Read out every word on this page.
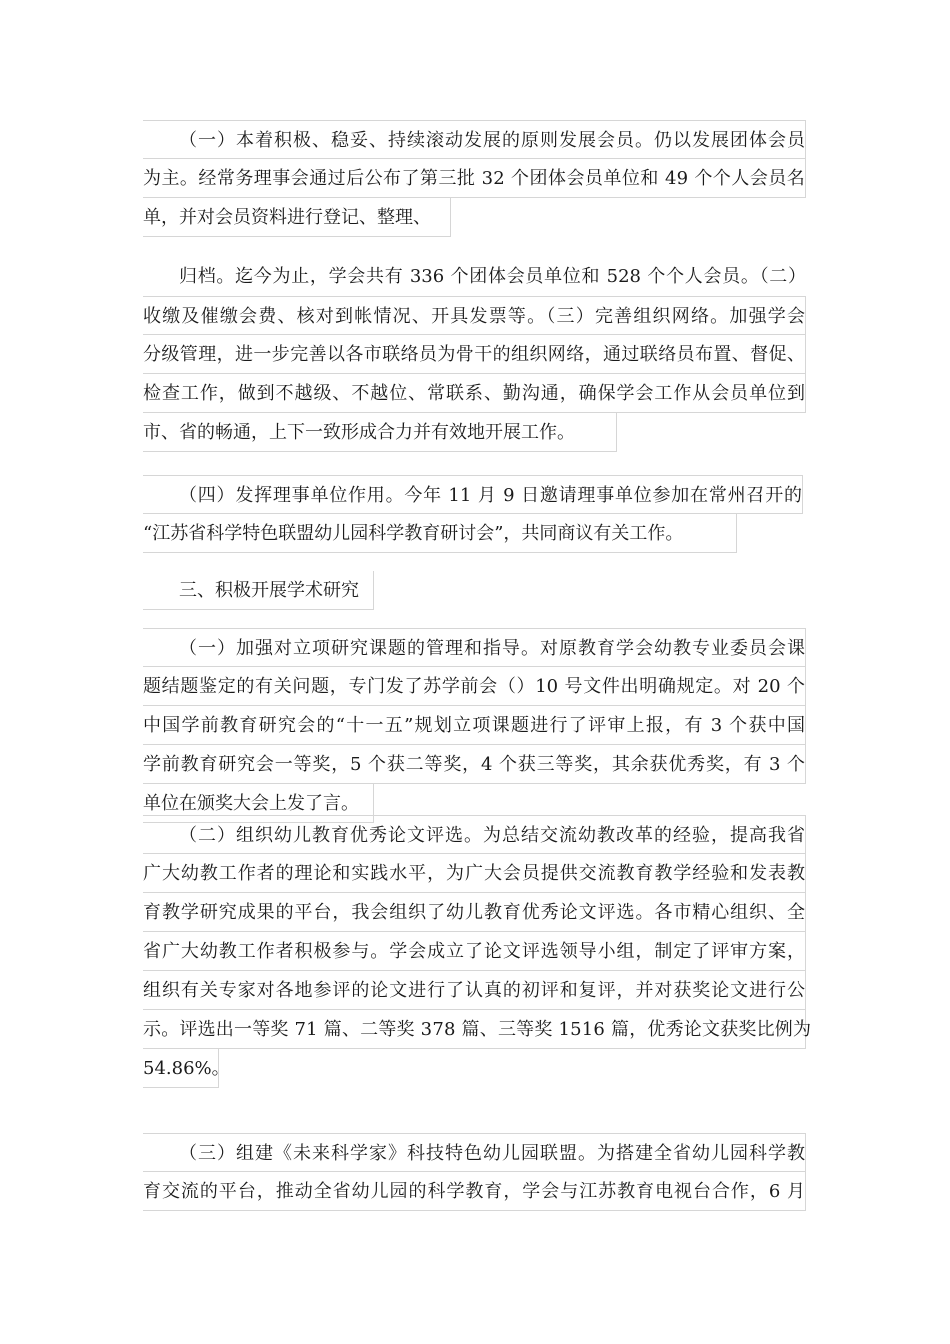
（一）本着积极、稳妥、持续滚动发展的原则发展会员。仍以发展团体会员
为主。经常务理事会通过后公布了第三批 32 个团体会员单位和 49 个个人会员名
单，并对会员资料进行登记、整理、
归档。迄今为止，学会共有 336 个团体会员单位和 528 个个人会员。（二）
收缴及催缴会费、核对到帐情况、开具发票等。（三）完善组织网络。加强学会
分级管理，进一步完善以各市联络员为骨干的组织网络，通过联络员布置、督促、
检查工作，做到不越级、不越位、常联系、勤沟通，确保学会工作从会员单位到
市、省的畅通，上下一致形成合力并有效地开展工作。
（四）发挥理事单位作用。今年 11 月 9 日邀请理事单位参加在常州召开的
“江苏省科学特色联盟幼儿园科学教育研讨会”，共同商议有关工作。
三、积极开展学术研究
（一）加强对立项研究课题的管理和指导。对原教育学会幼教专业委员会课
题结题鉴定的有关问题，专门发了苏学前会（）10 号文件出明确规定。对 20 个
中国学前教育研究会的“十一五”规划立项课题进行了评审上报，有 3 个获中国
学前教育研究会一等奖，5 个获二等奖，4 个获三等奖，其余获优秀奖，有 3 个
单位在颁奖大会上发了言。
（二）组织幼儿教育优秀论文评选。为总结交流幼教改革的经验，提高我省
广大幼教工作者的理论和实践水平，为广大会员提供交流教育教学经验和发表教
育教学研究成果的平台，我会组织了幼儿教育优秀论文评选。各市精心组织、全
省广大幼教工作者积极参与。学会成立了论文评选领导小组，制定了评审方案，
组织有关专家对各地参评的论文进行了认真的初评和复评，并对获奖论文进行公
示。评选出一等奖 71 篇、二等奖 378 篇、三等奖 1516 篇，优秀论文获奖比例为
54.86%。
（三）组建《未来科学家》科技特色幼儿园联盟。为搭建全省幼儿园科学教
育交流的平台，推动全省幼儿园的科学教育，学会与江苏教育电视台合作，6 月
